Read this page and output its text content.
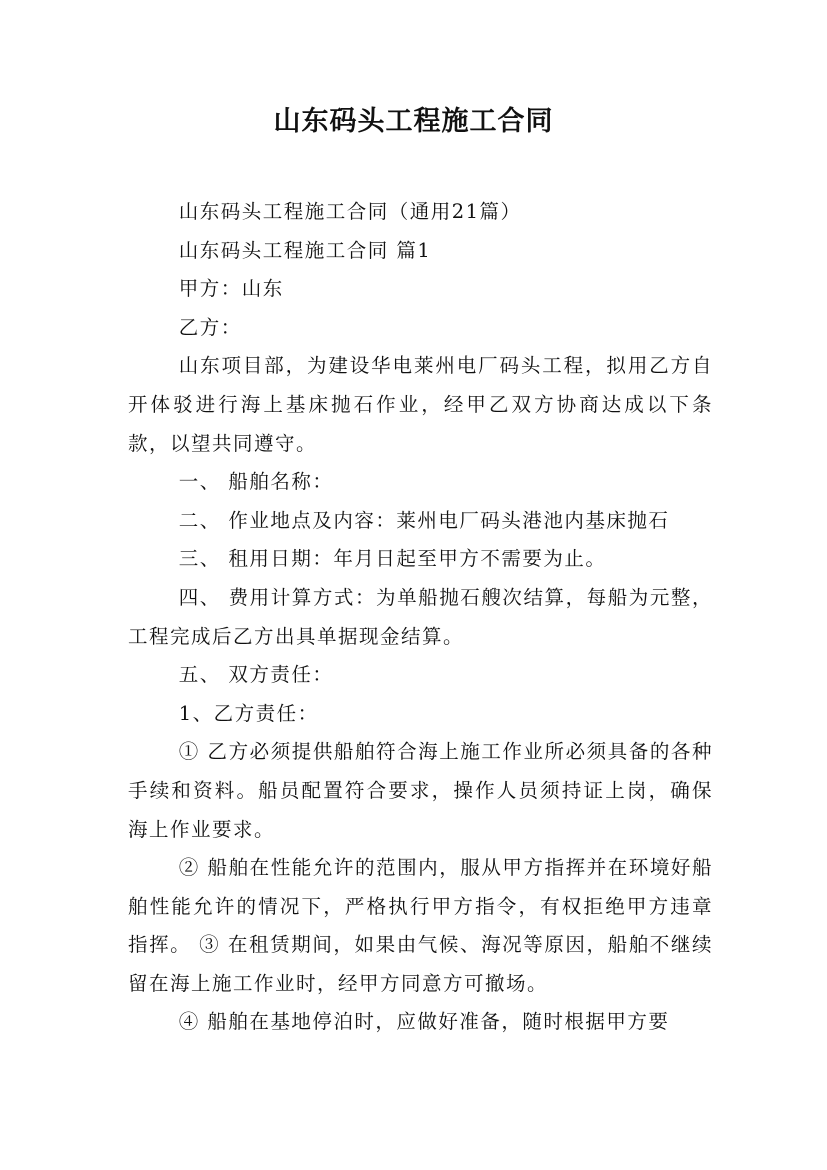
山东码头工程施工合同

山东码头工程施工合同（通用21篇）

山东码头工程施工合同 篇1

甲方：山东

乙方：

山东项目部，为建设华电莱州电厂码头工程，拟用乙方自开体驳进行海上基床抛石作业，经甲乙双方协商达成以下条款，以望共同遵守。

一、 船舶名称：

二、 作业地点及内容：莱州电厂码头港池内基床抛石

三、 租用日期：年月日起至甲方不需要为止。

四、 费用计算方式：为单船抛石艘次结算，每船为元整，工程完成后乙方出具单据现金结算。

五、 双方责任：

1、乙方责任：

① 乙方必须提供船舶符合海上施工作业所必须具备的各种手续和资料。船员配置符合要求，操作人员须持证上岗，确保海上作业要求。

② 船舶在性能允许的范围内，服从甲方指挥并在环境好船舶性能允许的情况下，严格执行甲方指令，有权拒绝甲方违章指挥。 ③ 在租赁期间，如果由气候、海况等原因，船舶不继续留在海上施工作业时，经甲方同意方可撤场。

④ 船舶在基地停泊时，应做好准备，随时根据甲方要
